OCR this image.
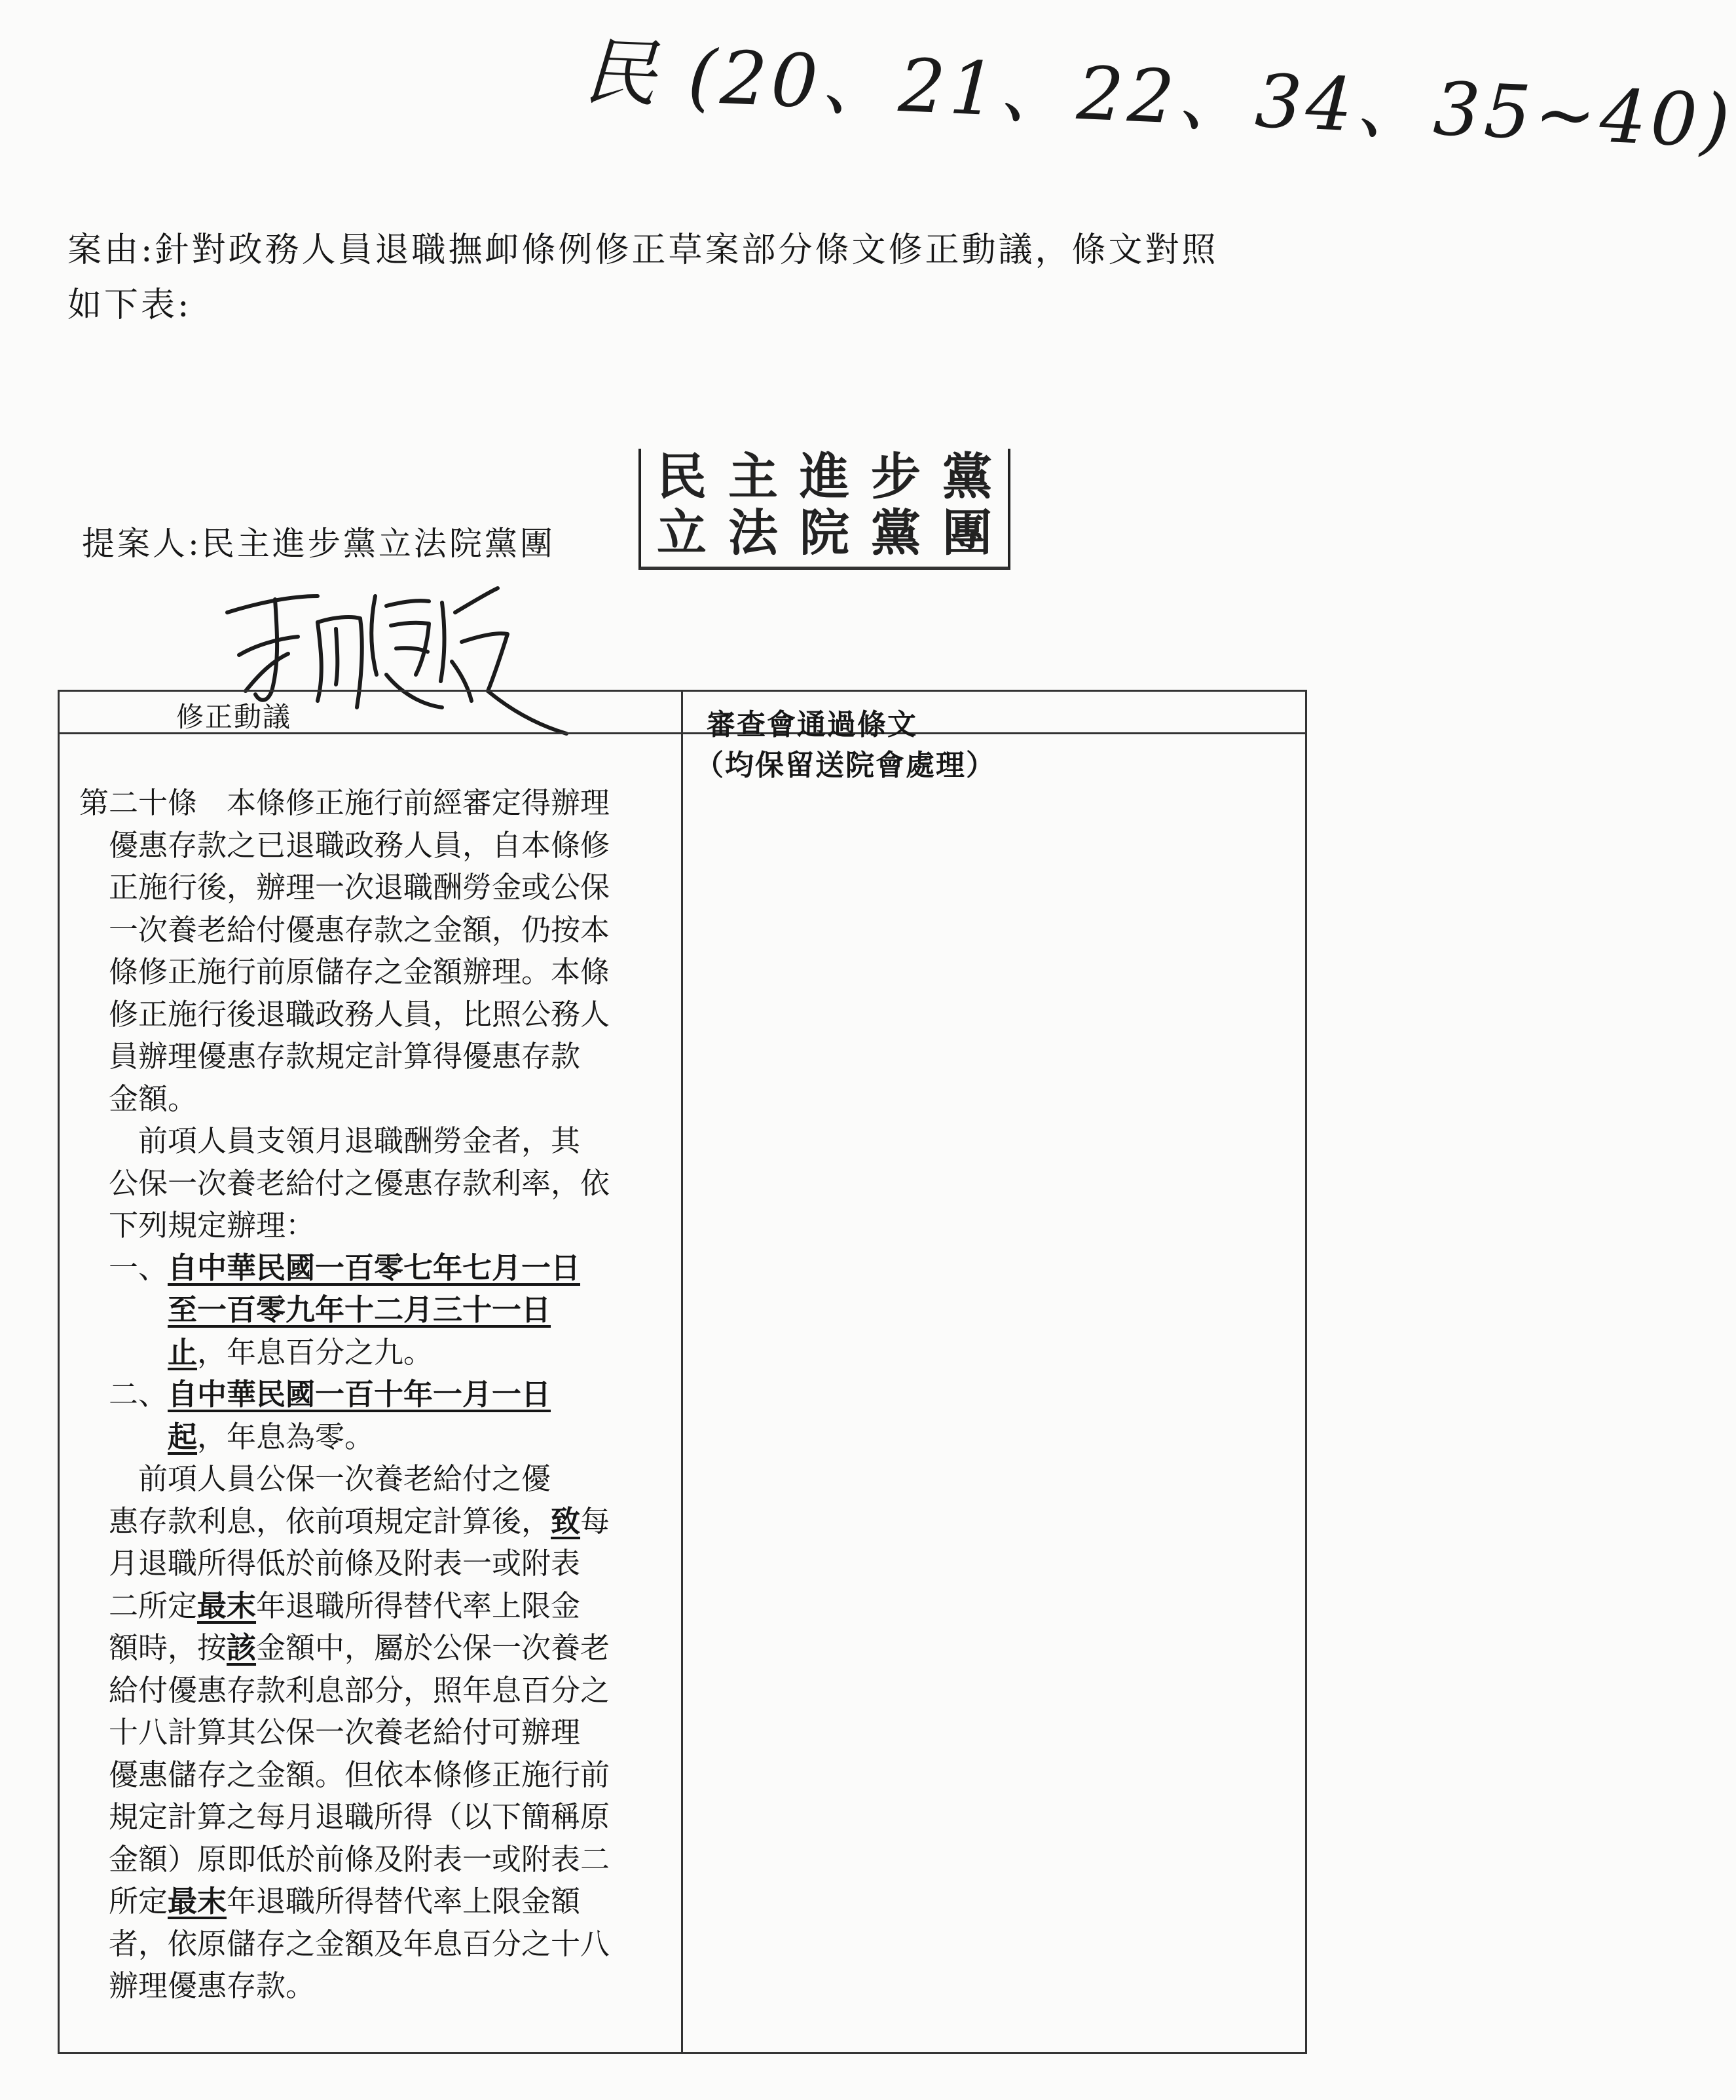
民 (20、21、22、34、35~40)
案由:針對政務人員退職撫卹條例修正草案部分條文修正動議，條文對照
如下表:
提案人:民主進步黨立法院黨團
民 主 進 步 黨
立 法 院 黨 團
修正動議	審查會通過條文
（均保留送院會處理）
第二十條　本條修正施行前經審定得辦理
　優惠存款之已退職政務人員，自本條修
　正施行後，辦理一次退職酬勞金或公保
　一次養老給付優惠存款之金額，仍按本
　條修正施行前原儲存之金額辦理。本條
　修正施行後退職政務人員，比照公務人
　員辦理優惠存款規定計算得優惠存款
　金額。
　　前項人員支領月退職酬勞金者，其
　公保一次養老給付之優惠存款利率，依
　下列規定辦理：
　一、自中華民國一百零七年七月一日
　　　至一百零九年十二月三十一日
　　　止，年息百分之九。
　二、自中華民國一百十年一月一日
　　　起，年息為零。
　　前項人員公保一次養老給付之優
　惠存款利息，依前項規定計算後，致每
　月退職所得低於前條及附表一或附表
　二所定最末年退職所得替代率上限金
　額時，按該金額中，屬於公保一次養老
　給付優惠存款利息部分，照年息百分之
　十八計算其公保一次養老給付可辦理
　優惠儲存之金額。但依本條修正施行前
　規定計算之每月退職所得（以下簡稱原
　金額）原即低於前條及附表一或附表二
　所定最末年退職所得替代率上限金額
　者，依原儲存之金額及年息百分之十八
　辦理優惠存款。
